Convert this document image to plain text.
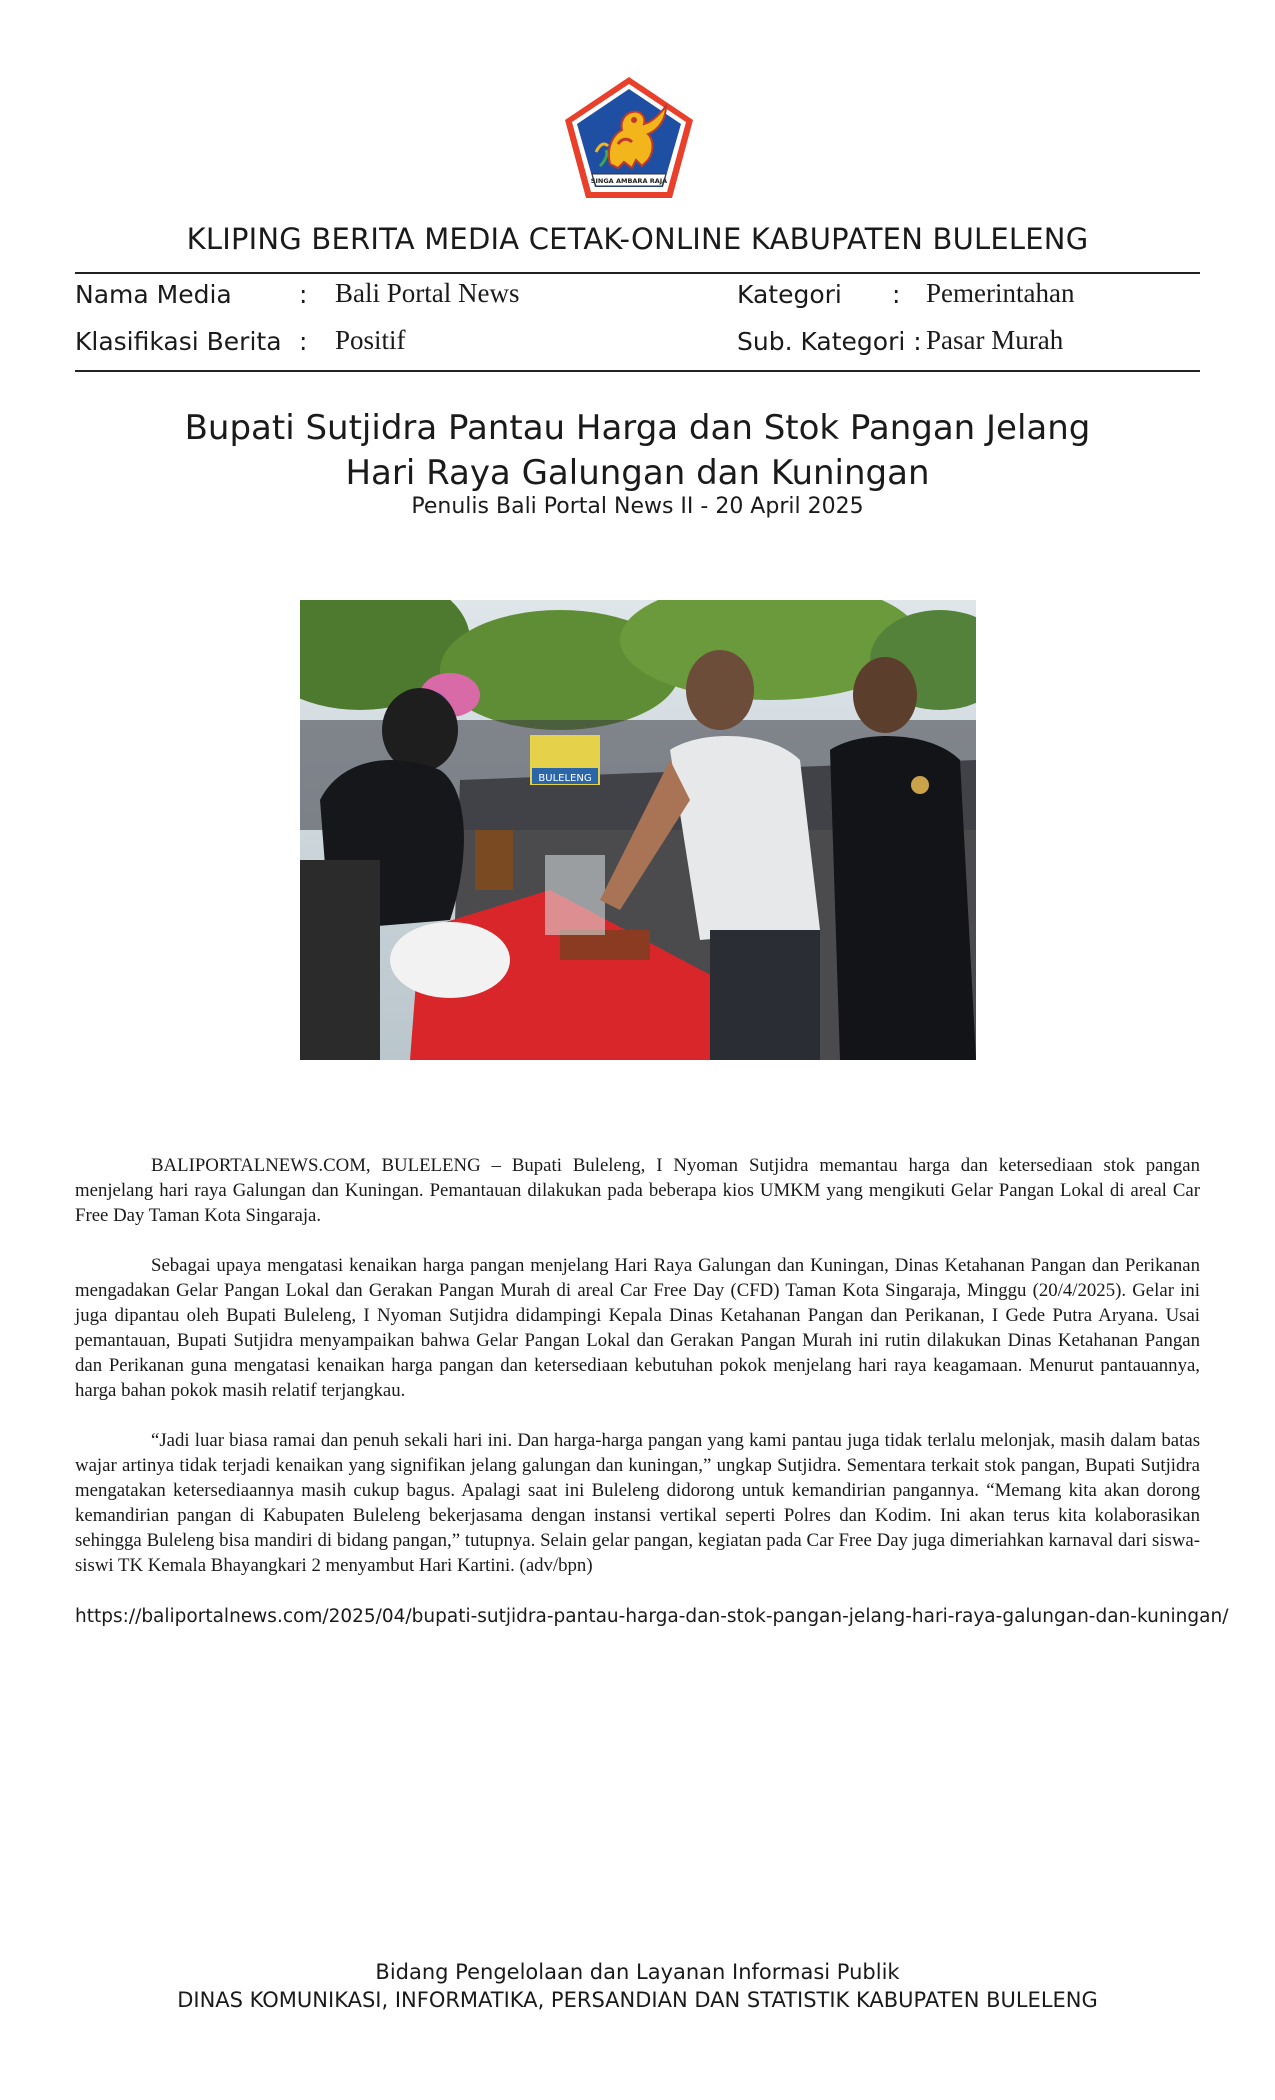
SINGA AMBARA RAJA
KLIPING BERITA MEDIA CETAK-ONLINE KABUPATEN BULELENG
Nama Media	: Bali Portal News	Kategori : Pemerintahan
Klasifikasi Berita : Positif	Sub. Kategori : Pasar Murah
Bupati Sutjidra Pantau Harga dan Stok Pangan Jelang
Hari Raya Galungan dan Kuningan
Penulis Bali Portal News II - 20 April 2025
BULELENG

BALIPORTALNEWS.COM, BULELENG – Bupati Buleleng, I Nyoman Sutjidra memantau harga dan ketersediaan stok pangan menjelang hari raya Galungan dan Kuningan. Pemantauan dilakukan pada beberapa kios UMKM yang mengikuti Gelar Pangan Lokal di areal Car Free Day Taman Kota Singaraja.

Sebagai upaya mengatasi kenaikan harga pangan menjelang Hari Raya Galungan dan Kuningan, Dinas Ketahanan Pangan dan Perikanan mengadakan Gelar Pangan Lokal dan Gerakan Pangan Murah di areal Car Free Day (CFD) Taman Kota Singaraja, Minggu (20/4/2025). Gelar ini juga dipantau oleh Bupati Buleleng, I Nyoman Sutjidra didampingi Kepala Dinas Ketahanan Pangan dan Perikanan, I Gede Putra Aryana. Usai pemantauan, Bupati Sutjidra menyampaikan bahwa Gelar Pangan Lokal dan Gerakan Pangan Murah ini rutin dilakukan Dinas Ketahanan Pangan dan Perikanan guna mengatasi kenaikan harga pangan dan ketersediaan kebutuhan pokok menjelang hari raya keagamaan. Menurut pantauannya, harga bahan pokok masih relatif terjangkau.

“Jadi luar biasa ramai dan penuh sekali hari ini. Dan harga-harga pangan yang kami pantau juga tidak terlalu melonjak, masih dalam batas wajar artinya tidak terjadi kenaikan yang signifikan jelang galungan dan kuningan,” ungkap Sutjidra. Sementara terkait stok pangan, Bupati Sutjidra mengatakan ketersediaannya masih cukup bagus. Apalagi saat ini Buleleng didorong untuk kemandirian pangannya. “Memang kita akan dorong kemandirian pangan di Kabupaten Buleleng bekerjasama dengan instansi vertikal seperti Polres dan Kodim. Ini akan terus kita kolaborasikan sehingga Buleleng bisa mandiri di bidang pangan,” tutupnya. Selain gelar pangan, kegiatan pada Car Free Day juga dimeriahkan karnaval dari siswa-siswi TK Kemala Bhayangkari 2 menyambut Hari Kartini. (adv/bpn)

https://baliportalnews.com/2025/04/bupati-sutjidra-pantau-harga-dan-stok-pangan-jelang-hari-raya-galungan-dan-kuningan/
Bidang Pengelolaan dan Layanan Informasi Publik
DINAS KOMUNIKASI, INFORMATIKA, PERSANDIAN DAN STATISTIK KABUPATEN BULELENG
